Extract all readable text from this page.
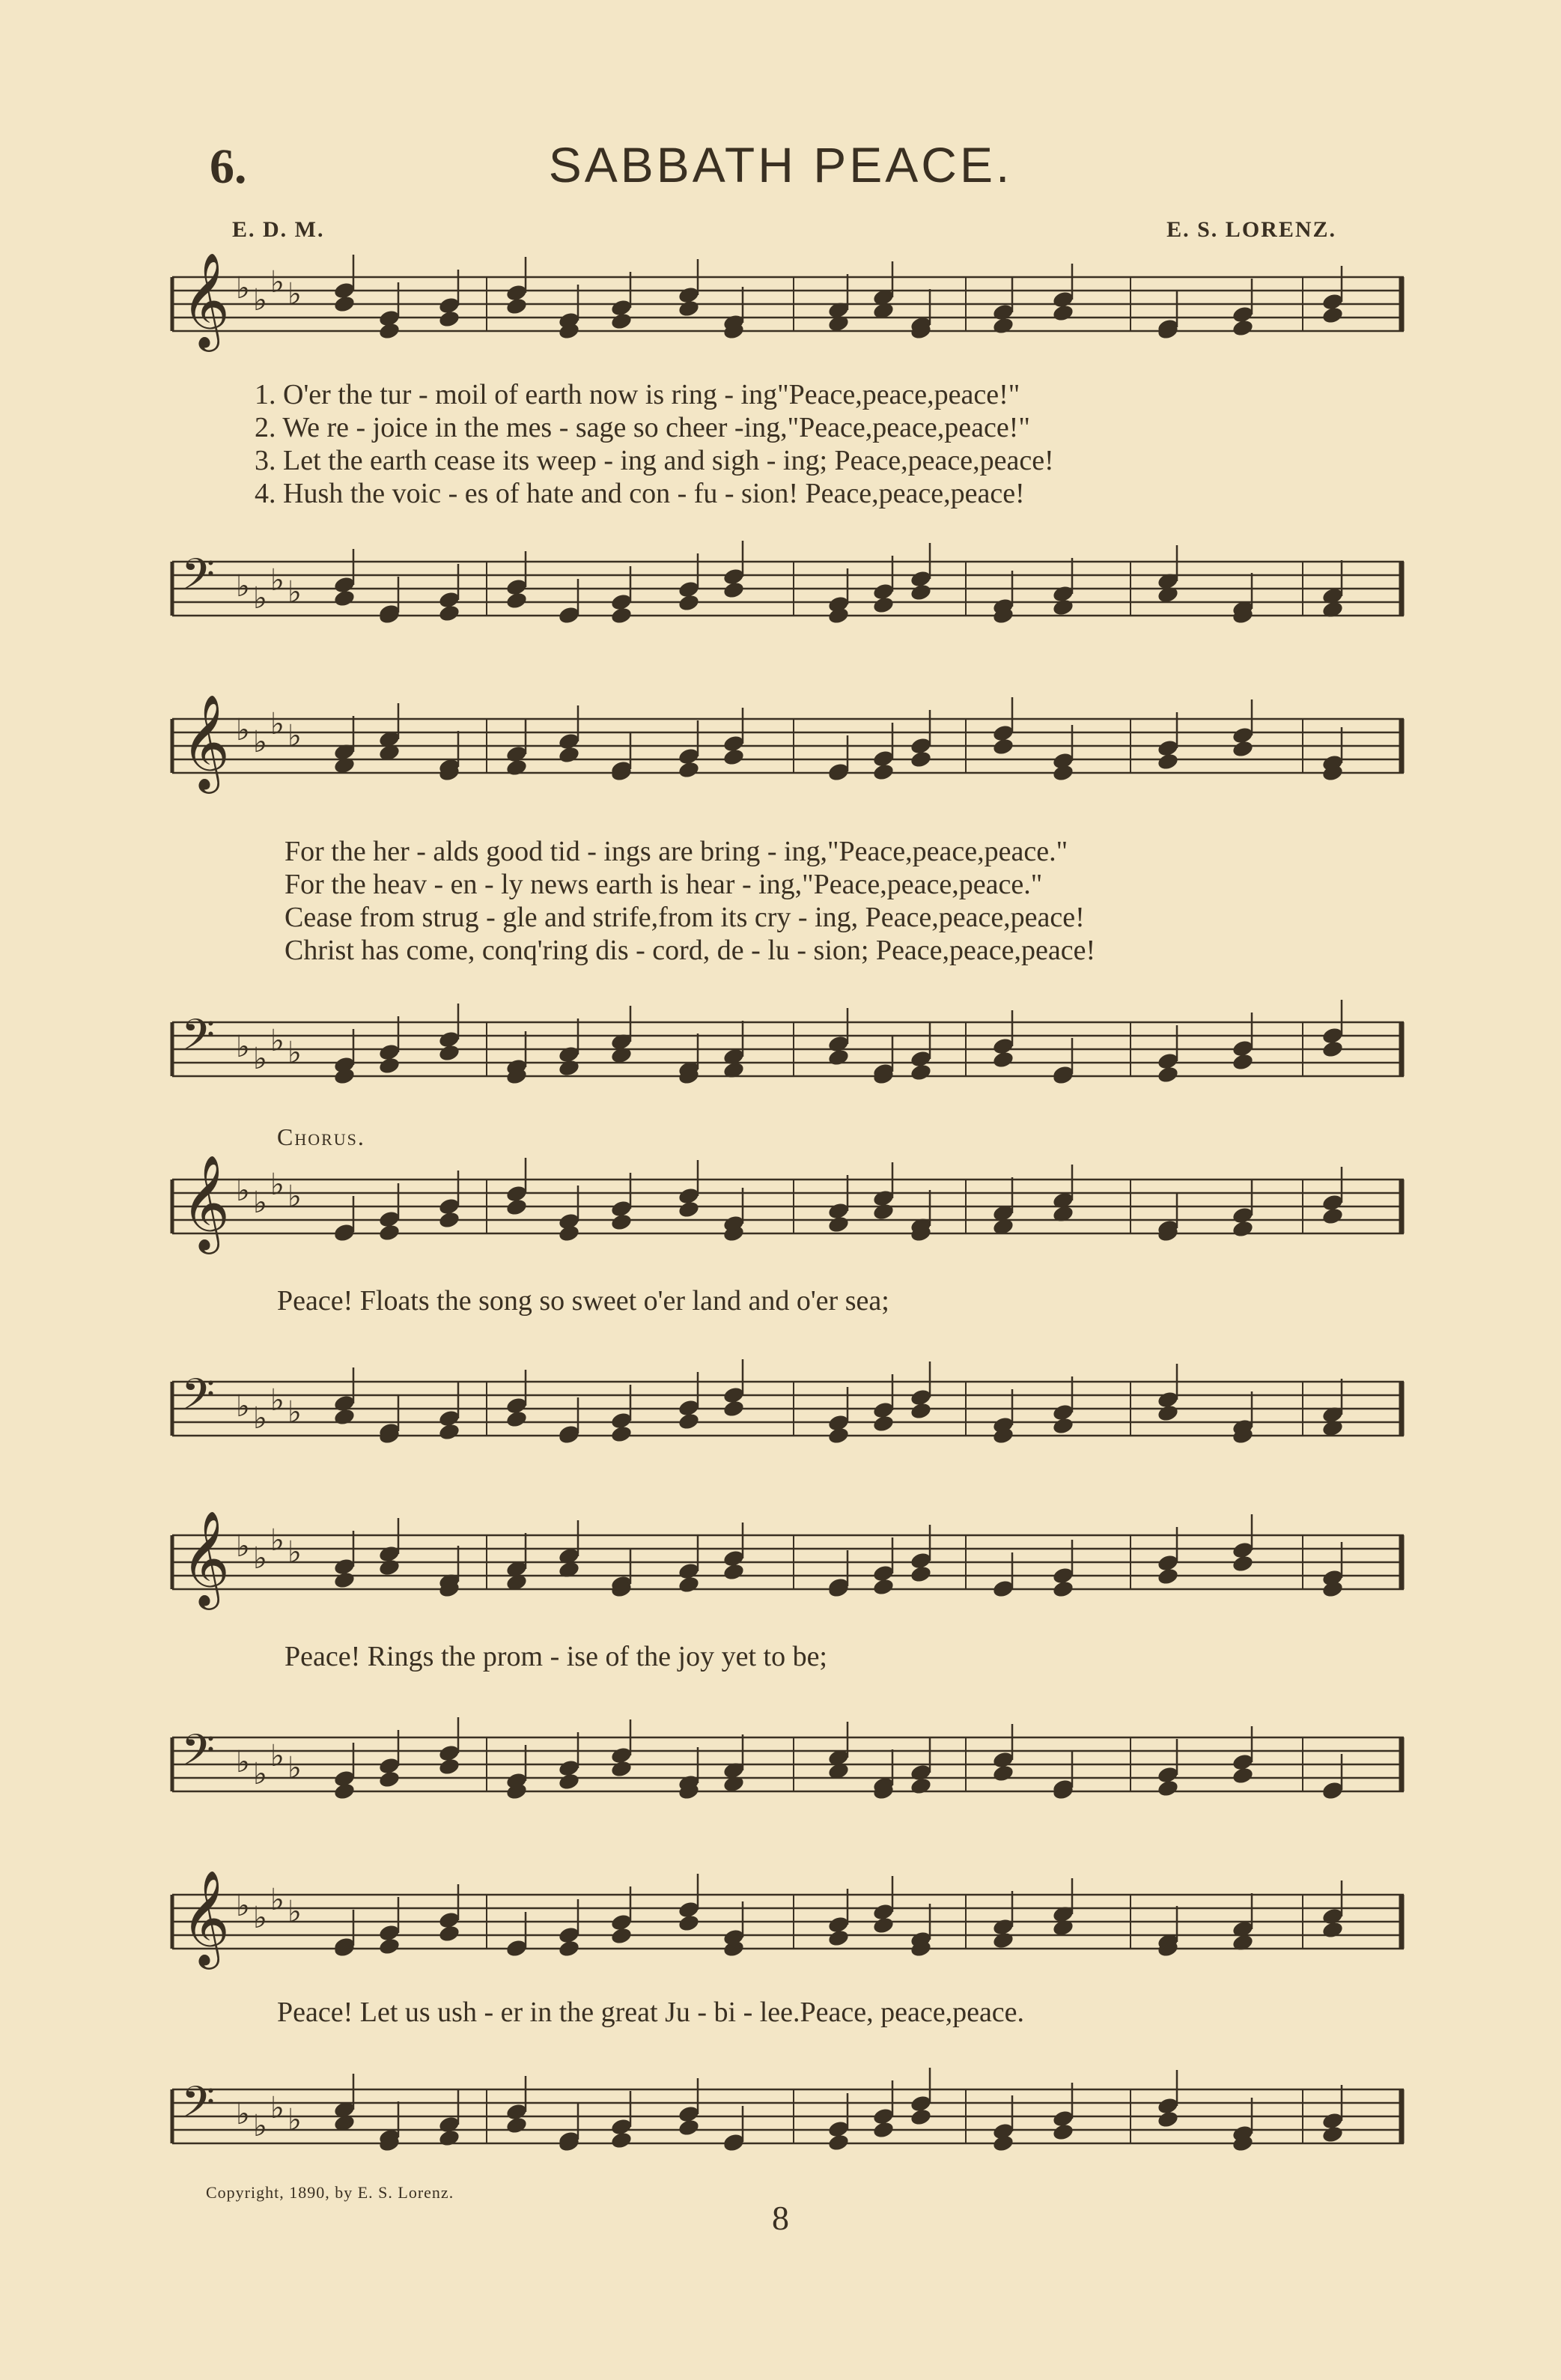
6.	SABBATH PEACE.
E. D. M.	E. S. LORENZ.
𝄞 ♭ ♭
♭ ♭
1. O'er the tur - moil of earth now is ring - ing"Peace,peace,peace!"
2. We re - joice in the mes - sage so cheer -ing,"Peace,peace,peace!"
3. Let the earth cease its weep - ing and sigh - ing; Peace,peace,peace!
4. Hush the voic - es of hate and con - fu - sion! Peace,peace,peace!
𝄢 ♭ ♭
♭ ♭
𝄞 ♭ ♭
♭ ♭
For the her - alds good tid - ings are bring - ing,"Peace,peace,peace."
For the heav - en - ly news earth is hear - ing,"Peace,peace,peace."
Cease from strug - gle and strife,from its cry - ing, Peace,peace,peace!
Christ has come, conq'ring dis - cord, de - lu - sion; Peace,peace,peace!
𝄢 ♭ ♭
♭ ♭
Chorus.
𝄞 ♭ ♭
♭ ♭
Peace! Floats the song so sweet o'er land and o'er sea;
𝄢 ♭ ♭
♭ ♭
𝄞 ♭ ♭
♭ ♭
Peace! Rings the prom - ise of the joy yet to be;
𝄢 ♭ ♭
♭ ♭
𝄞 ♭ ♭
♭ ♭
Peace! Let us ush - er in the great Ju - bi - lee.Peace, peace,peace.
𝄢 ♭ ♭
♭ ♭
Copyright, 1890, by E. S. Lorenz.
8
